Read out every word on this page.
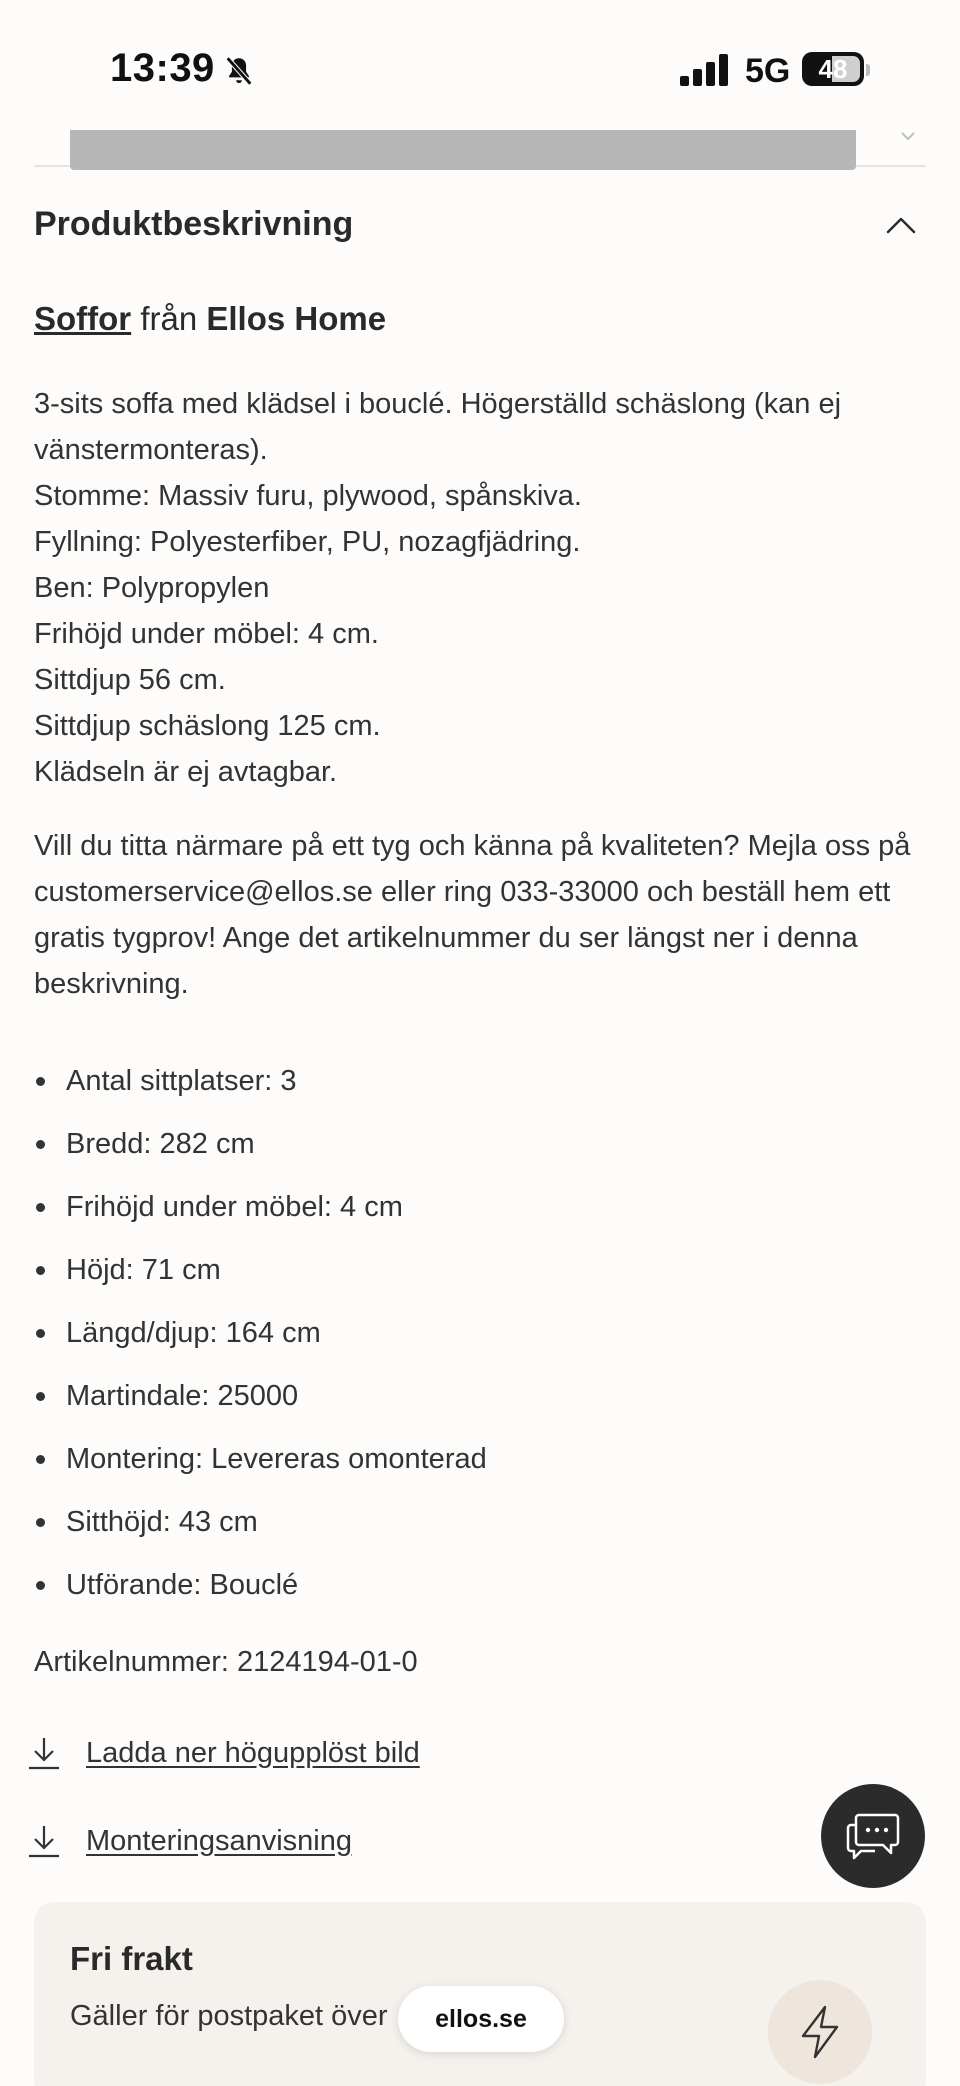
13:39	5G 48
Produktbeskrivning
Soffor från Ellos Home

3-sits soffa med klädsel i bouclé. Högerställd schäslong (kan ej

vänstermonteras).

Stomme: Massiv furu, plywood, spånskiva.

Fyllning: Polyesterfiber, PU, nozagfjädring.

Ben: Polypropylen

Frihöjd under möbel: 4 cm.

Sittdjup 56 cm.

Sittdjup schäslong 125 cm.

Klädseln är ej avtagbar.

Vill du titta närmare på ett tyg och känna på kvaliteten? Mejla oss på customerservice@ellos.se eller ring 033-33000 och beställ hem ett gratis tygprov! Ange det artikelnummer du ser längst ner i denna beskrivning.
Antal sittplatser: 3
Bredd: 282 cm
Frihöjd under möbel: 4 cm
Höjd: 71 cm
Längd/djup: 164 cm
Martindale: 25000
Montering: Levereras omonterad
Sitthöjd: 43 cm
Utförande: Bouclé
Artikelnummer: 2124194-01-0
Ladda ner högupplöst bild
Monteringsanvisning
Fri frakt
Gäller för postpaket över	ellos.se
